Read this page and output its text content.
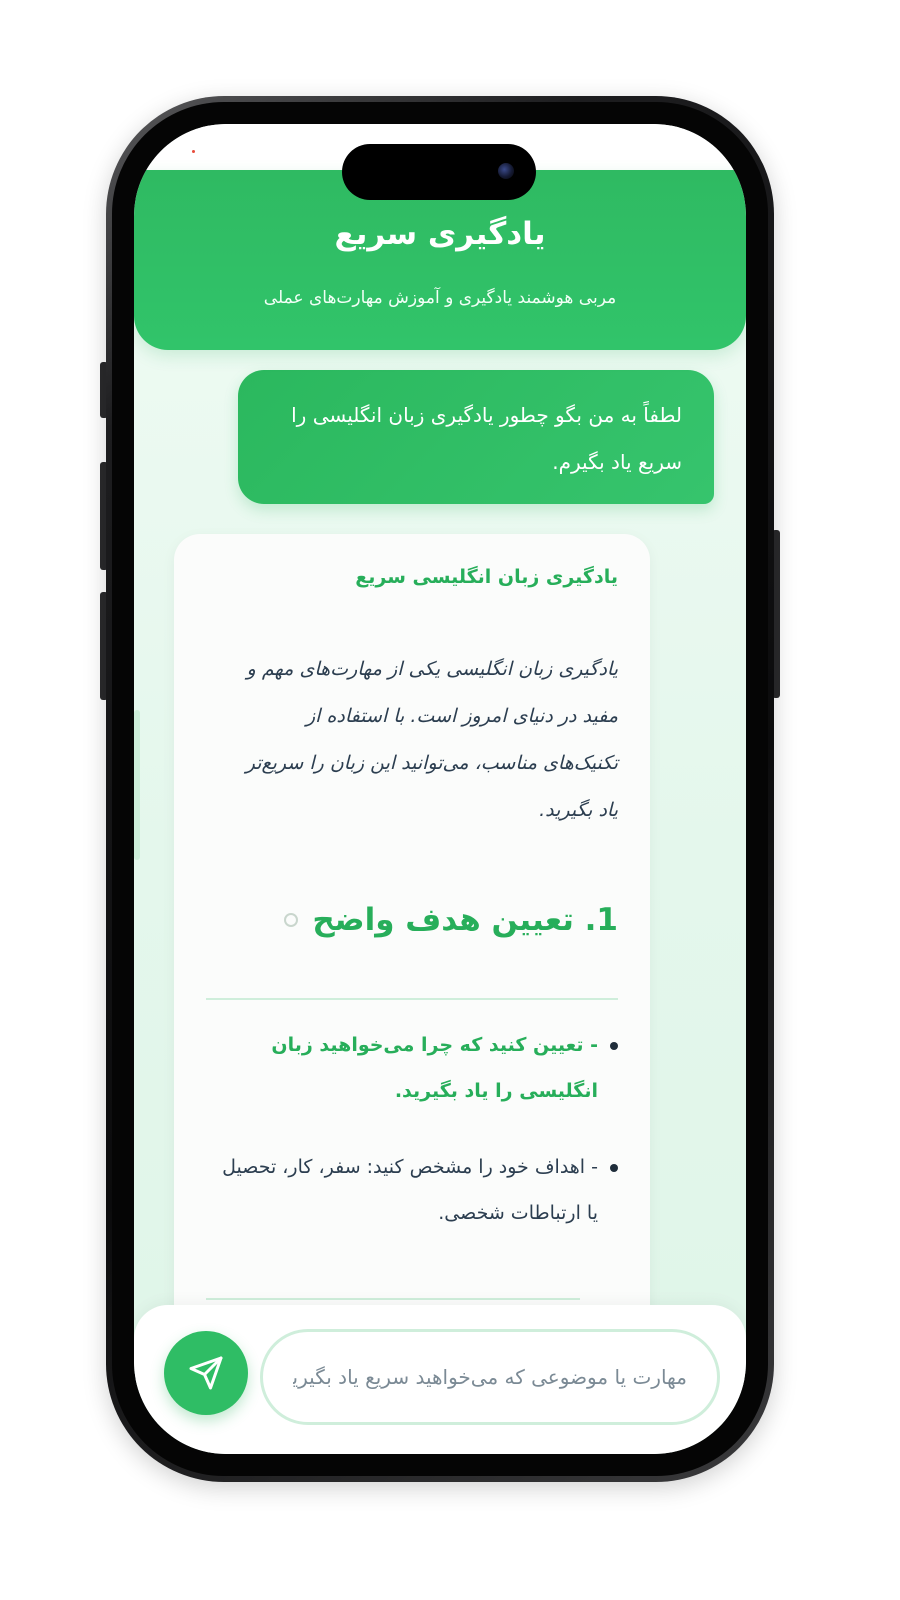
یادگیری سریع

مربی هوشمند یادگیری و آموزش مهارت‌های عملی

لطفاً به من بگو چطور یادگیری زبان انگلیسی را سریع یاد بگیرم.

یادگیری زبان انگلیسی سریع

یادگیری زبان انگلیسی یکی از مهارت‌های مهم و مفید در دنیای امروز است. با استفاده از تکنیک‌های مناسب، می‌توانید این زبان را سریع‌تر یاد بگیرید.

1. تعیین هدف واضح
- تعیین کنید که چرا می‌خواهید زبان انگلیسی را یاد بگیرید.
- اهداف خود را مشخص کنید: سفر، کار، تحصیل یا ارتباطات شخصی.
مهارت یا موضوعی که می‌خواهید سریع یاد بگیرید
